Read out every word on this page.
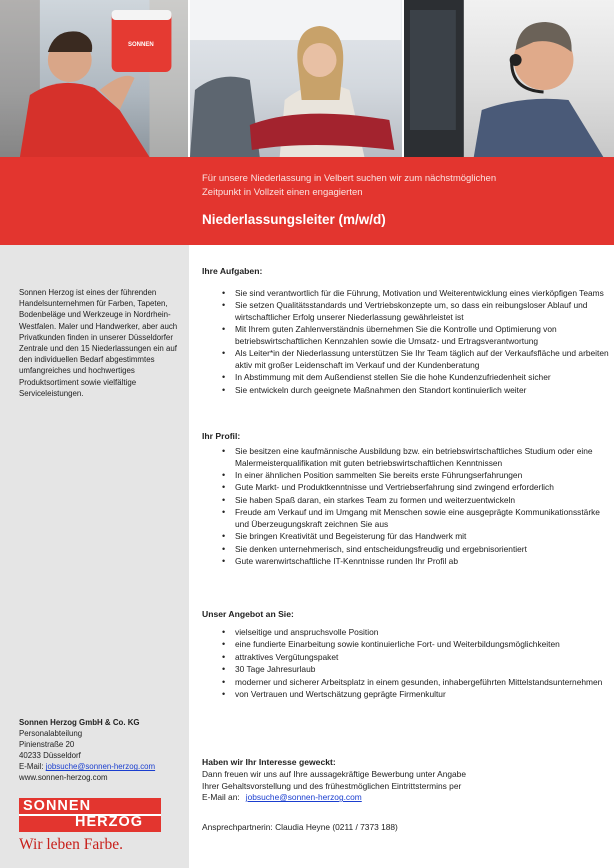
SONNEN
Für unsere Niederlassung in Velbert suchen wir zum nächstmöglichen Zeitpunkt in Vollzeit einen engagierten
Niederlassungsleiter (m/w/d)
Sonnen Herzog ist eines der führenden Handelsunternehmen für Farben, Tapeten, Bodenbeläge und Werkzeuge in Nordrhein-Westfalen. Maler und Handwerker, aber auch Privatkunden finden in unserer Düsseldorfer Zentrale und den 15 Niederlassungen ein auf den individuellen Bedarf abgestimmtes umfangreiches und hochwertiges Produktsortiment sowie vielfältige Serviceleistungen.
Sonnen Herzog GmbH & Co. KG
Personalabteilung
Pinienstraße 20
40233 Düsseldorf
E-Mail: jobsuche@sonnen-herzog.com
www.sonnen-herzog.com
SONNEN
HERZOG
Wir leben Farbe.
Ihre Aufgaben:
• Sie sind verantwortlich für die Führung, Motivation und Weiterentwicklung eines vierköpfigen Teams
• Sie setzen Qualitätsstandards und Vertriebskonzepte um, so dass ein reibungsloser Ablauf und wirtschaftlicher Erfolg unserer Niederlassung gewährleistet ist
• Mit Ihrem guten Zahlenverständnis übernehmen Sie die Kontrolle und Optimierung von betriebswirtschaftlichen Kennzahlen sowie die Umsatz- und Ertragsverantwortung
• Als Leiter*in der Niederlassung unterstützen Sie Ihr Team täglich auf der Verkaufsfläche und arbeiten aktiv mit großer Leidenschaft im Verkauf und der Kundenberatung
• In Abstimmung mit dem Außendienst stellen Sie die hohe Kundenzufriedenheit sicher
• Sie entwickeln durch geeignete Maßnahmen den Standort kontinuierlich weiter
Ihr Profil:
• Sie besitzen eine kaufmännische Ausbildung bzw. ein betriebswirtschaftliches Studium oder eine Malermeisterqualifikation mit guten betriebswirtschaftlichen Kenntnissen
• In einer ähnlichen Position sammelten Sie bereits erste Führungserfahrungen
• Gute Markt- und Produktkenntnisse und Vertriebserfahrung sind zwingend erforderlich
• Sie haben Spaß daran, ein starkes Team zu formen und weiterzuentwickeln
• Freude am Verkauf und im Umgang mit Menschen sowie eine ausgeprägte Kommunikationsstärke und Überzeugungskraft zeichnen Sie aus
• Sie bringen Kreativität und Begeisterung für das Handwerk mit
• Sie denken unternehmerisch, sind entscheidungsfreudig und ergebnisorientiert
• Gute warenwirtschaftliche IT-Kenntnisse runden Ihr Profil ab
Unser Angebot an Sie:
• vielseitige und anspruchsvolle Position
• eine fundierte Einarbeitung sowie kontinuierliche Fort- und Weiterbildungsmöglichkeiten
• attraktives Vergütungspaket
• 30 Tage Jahresurlaub
• moderner und sicherer Arbeitsplatz in einem gesunden, inhabergeführten Mittelstandsunternehmen
• von Vertrauen und Wertschätzung geprägte Firmenkultur
Haben wir Ihr Interesse geweckt:
Dann freuen wir uns auf Ihre aussagekräftige Bewerbung unter Angabe
Ihrer Gehaltsvorstellung und des frühestmöglichen Eintrittstermins per
E-Mail an: jobsuche@sonnen-herzog.com
Ansprechpartnerin: Claudia Heyne (0211 / 7373 188)
